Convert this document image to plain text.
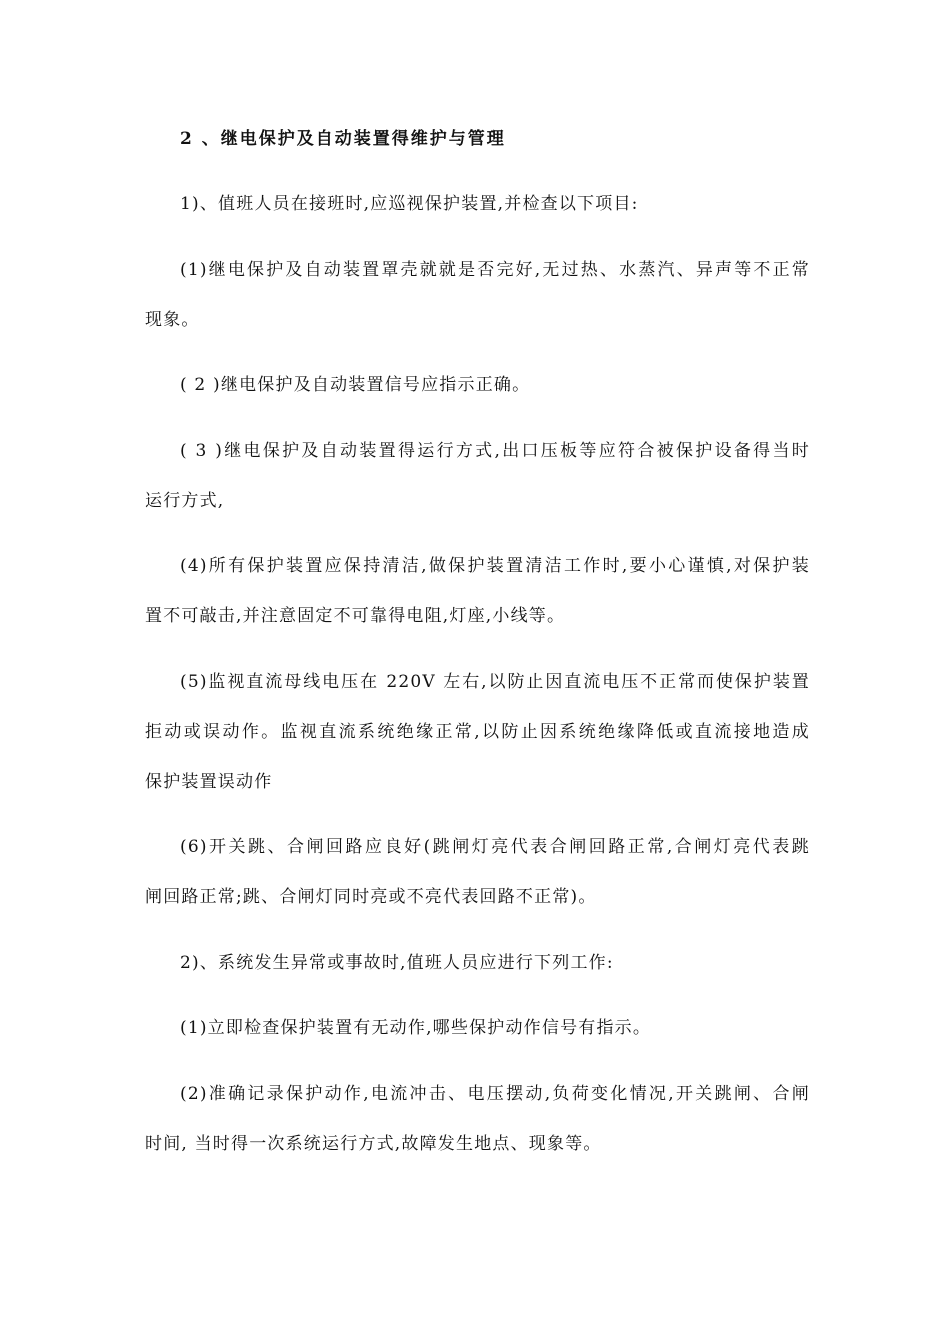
2 、继电保护及自动装置得维护与管理
1)、值班人员在接班时,应巡视保护装置,并检查以下项目:
(1)继电保护及自动装置罩壳就就是否完好,无过热、水蒸汽、异声等不正常
现象。
( 2 )继电保护及自动装置信号应指示正确。
( 3 )继电保护及自动装置得运行方式,出口压板等应符合被保护设备得当时
运行方式,
(4)所有保护装置应保持清洁,做保护装置清洁工作时,要小心谨慎,对保护装
置不可敲击,并注意固定不可靠得电阻,灯座,小线等。
(5)监视直流母线电压在 220V 左右,以防止因直流电压不正常而使保护装置
拒动或误动作。监视直流系统绝缘正常,以防止因系统绝缘降低或直流接地造成
保护装置误动作
(6)开关跳、合闸回路应良好(跳闸灯亮代表合闸回路正常,合闸灯亮代表跳
闸回路正常;跳、合闸灯同时亮或不亮代表回路不正常)。
2)、系统发生异常或事故时,值班人员应进行下列工作:
(1)立即检查保护装置有无动作,哪些保护动作信号有指示。
(2)准确记录保护动作,电流冲击、电压摆动,负荷变化情况,开关跳闸、合闸
时间, 当时得一次系统运行方式,故障发生地点、现象等。
